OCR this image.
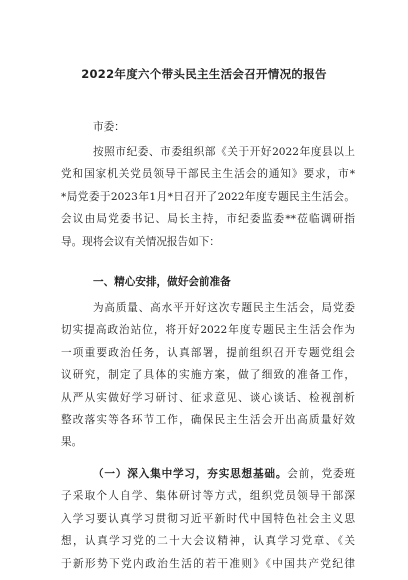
2022年度六个带头民主生活会召开情况的报告
市委：
按照市纪委、市委组织部《关于开好2022年度县以上
党和国家机关党员领导干部民主生活会的通知》要求，市*
*局党委于2023年1月*日召开了2022年度专题民主生活会。
会议由局党委书记、局长主持，市纪委监委**莅临调研指
导。现将会议有关情况报告如下：
一、精心安排，做好会前准备
为高质量、高水平开好这次专题民主生活会，局党委
切实提高政治站位，将开好2022年度专题民主生活会作为
一项重要政治任务，认真部署，提前组织召开专题党组会
议研究，制定了具体的实施方案，做了细致的准备工作，
从严从实做好学习研讨、征求意见、谈心谈话、检视剖析
整改落实等各环节工作，确保民主生活会开出高质量好效
果。
（一）深入集中学习，夯实思想基础。会前，党委班
子采取个人自学、集体研讨等方式，组织党员领导干部深
入学习要认真学习贯彻习近平新时代中国特色社会主义思
想，认真学习党的二十大会议精神，认真学习党章、《关
于新形势下党内政治生活的若干准则》《中国共产党纪律
